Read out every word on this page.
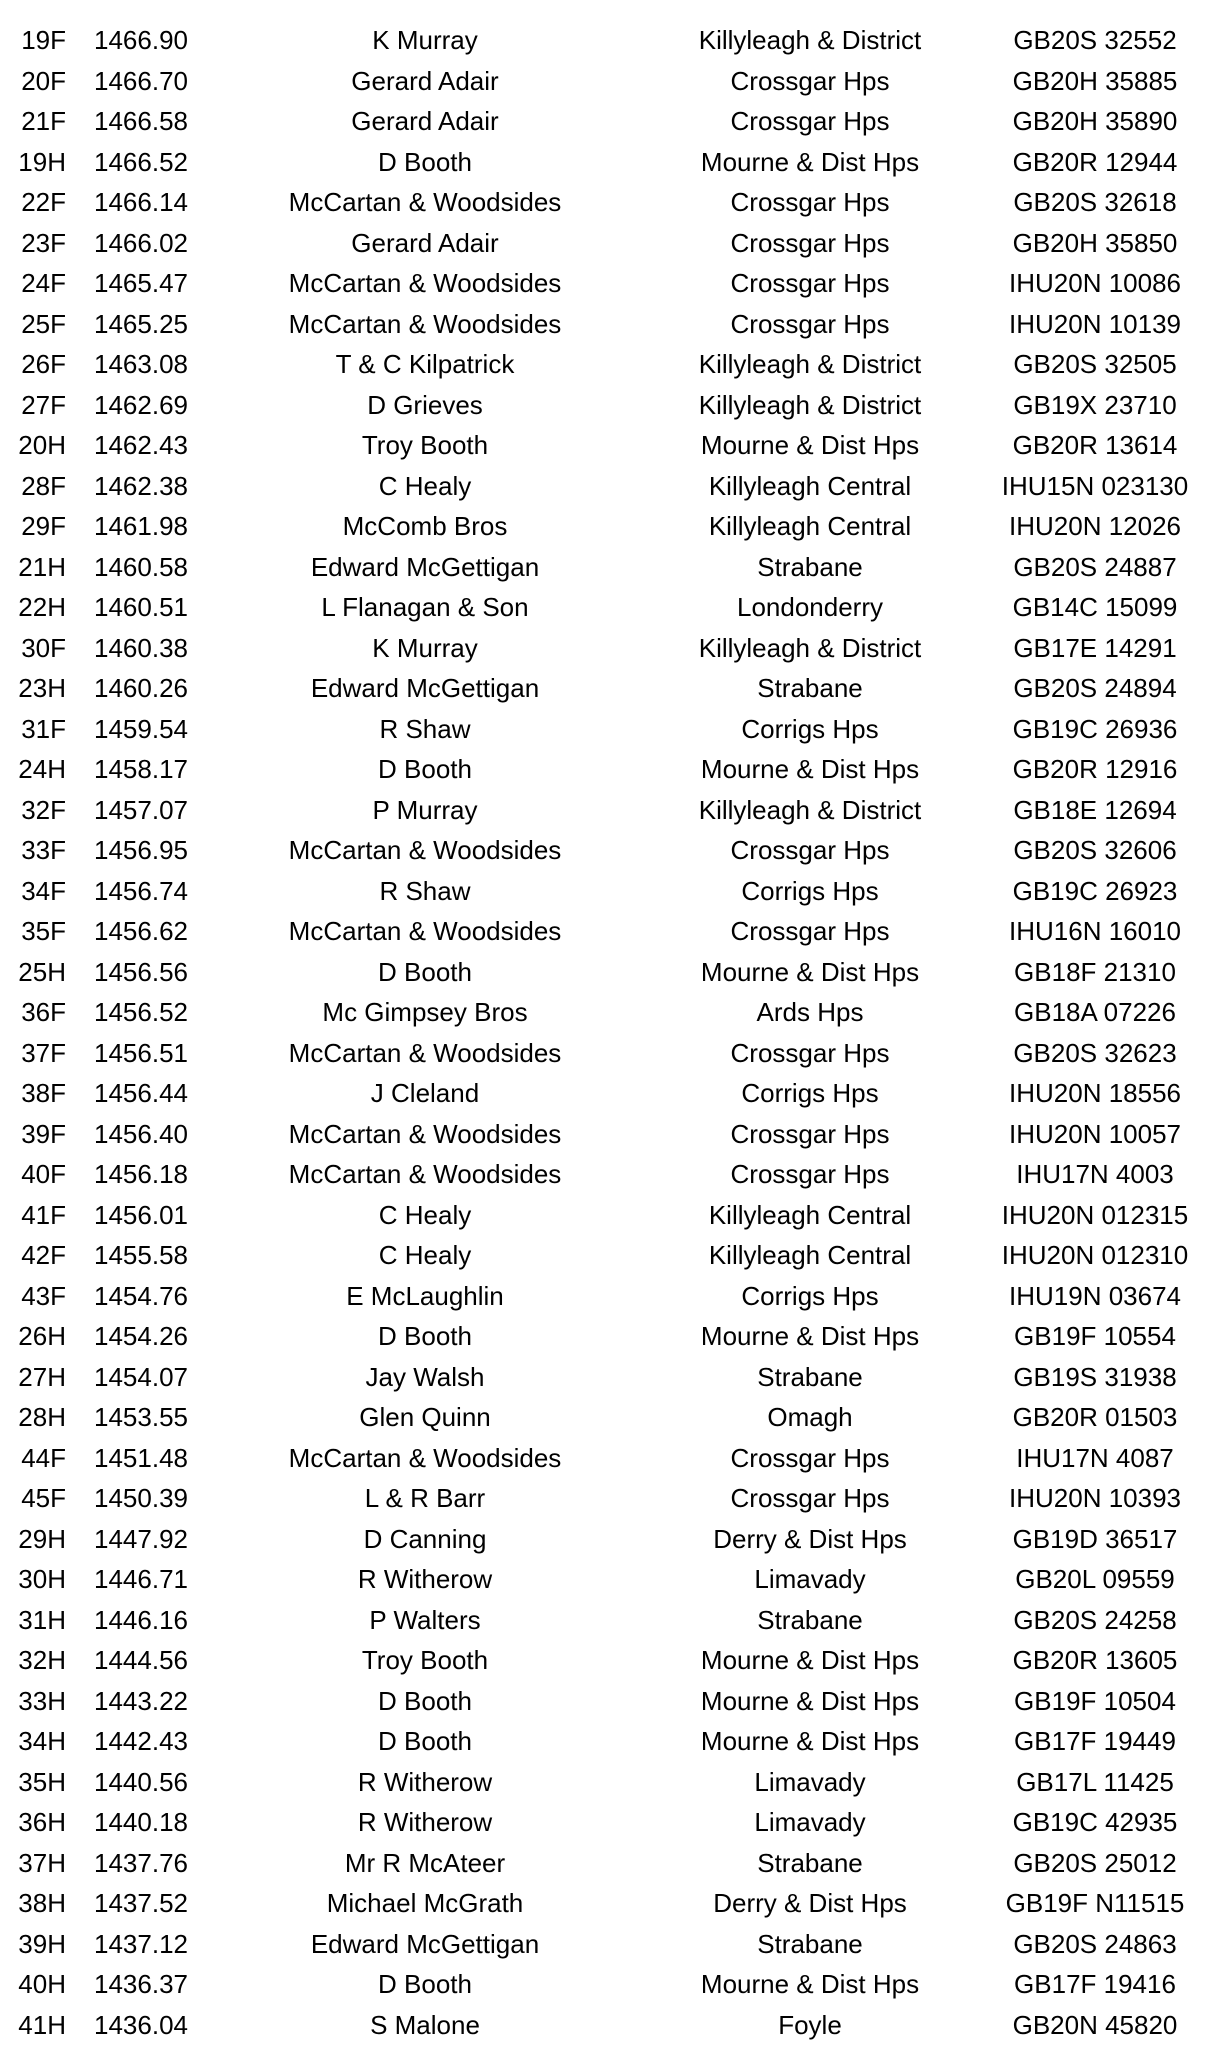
19F 1466.90	K Murray	Killyleagh & District	GB20S 32552
20F 1466.70	Gerard Adair	Crossgar Hps	GB20H 35885
21F 1466.58	Gerard Adair	Crossgar Hps	GB20H 35890
19H 1466.52	D Booth	Mourne & Dist Hps	GB20R 12944
22F 1466.14	McCartan & Woodsides	Crossgar Hps	GB20S 32618
23F 1466.02	Gerard Adair	Crossgar Hps	GB20H 35850
24F 1465.47	McCartan & Woodsides	Crossgar Hps	IHU20N 10086
25F 1465.25	McCartan & Woodsides	Crossgar Hps	IHU20N 10139
26F 1463.08	T & C Kilpatrick	Killyleagh & District	GB20S 32505
27F 1462.69	D Grieves	Killyleagh & District	GB19X 23710
20H 1462.43	Troy Booth	Mourne & Dist Hps	GB20R 13614
28F 1462.38	C Healy	Killyleagh Central	IHU15N 023130
29F 1461.98	McComb Bros	Killyleagh Central	IHU20N 12026
21H 1460.58	Edward McGettigan	Strabane	GB20S 24887
22H 1460.51	L Flanagan & Son	Londonderry	GB14C 15099
30F 1460.38	K Murray	Killyleagh & District	GB17E 14291
23H 1460.26	Edward McGettigan	Strabane	GB20S 24894
31F 1459.54	R Shaw	Corrigs Hps	GB19C 26936
24H 1458.17	D Booth	Mourne & Dist Hps	GB20R 12916
32F 1457.07	P Murray	Killyleagh & District	GB18E 12694
33F 1456.95	McCartan & Woodsides	Crossgar Hps	GB20S 32606
34F 1456.74	R Shaw	Corrigs Hps	GB19C 26923
35F 1456.62	McCartan & Woodsides	Crossgar Hps	IHU16N 16010
25H 1456.56	D Booth	Mourne & Dist Hps	GB18F 21310
36F 1456.52	Mc Gimpsey Bros	Ards Hps	GB18A 07226
37F 1456.51	McCartan & Woodsides	Crossgar Hps	GB20S 32623
38F 1456.44	J Cleland	Corrigs Hps	IHU20N 18556
39F 1456.40	McCartan & Woodsides	Crossgar Hps	IHU20N 10057
40F 1456.18	McCartan & Woodsides	Crossgar Hps	IHU17N 4003
41F 1456.01	C Healy	Killyleagh Central	IHU20N 012315
42F 1455.58	C Healy	Killyleagh Central	IHU20N 012310
43F 1454.76	E McLaughlin	Corrigs Hps	IHU19N 03674
26H 1454.26	D Booth	Mourne & Dist Hps	GB19F 10554
27H 1454.07	Jay Walsh	Strabane	GB19S 31938
28H 1453.55	Glen Quinn	Omagh	GB20R 01503
44F 1451.48	McCartan & Woodsides	Crossgar Hps	IHU17N 4087
45F 1450.39	L & R Barr	Crossgar Hps	IHU20N 10393
29H 1447.92	D Canning	Derry & Dist Hps	GB19D 36517
30H 1446.71	R Witherow	Limavady	GB20L 09559
31H 1446.16	P Walters	Strabane	GB20S 24258
32H 1444.56	Troy Booth	Mourne & Dist Hps	GB20R 13605
33H 1443.22	D Booth	Mourne & Dist Hps	GB19F 10504
34H 1442.43	D Booth	Mourne & Dist Hps	GB17F 19449
35H 1440.56	R Witherow	Limavady	GB17L 11425
36H 1440.18	R Witherow	Limavady	GB19C 42935
37H 1437.76	Mr R McAteer	Strabane	GB20S 25012
38H 1437.52	Michael McGrath	Derry & Dist Hps	GB19F N11515
39H 1437.12	Edward McGettigan	Strabane	GB20S 24863
40H 1436.37	D Booth	Mourne & Dist Hps	GB17F 19416
41H 1436.04	S Malone	Foyle	GB20N 45820
